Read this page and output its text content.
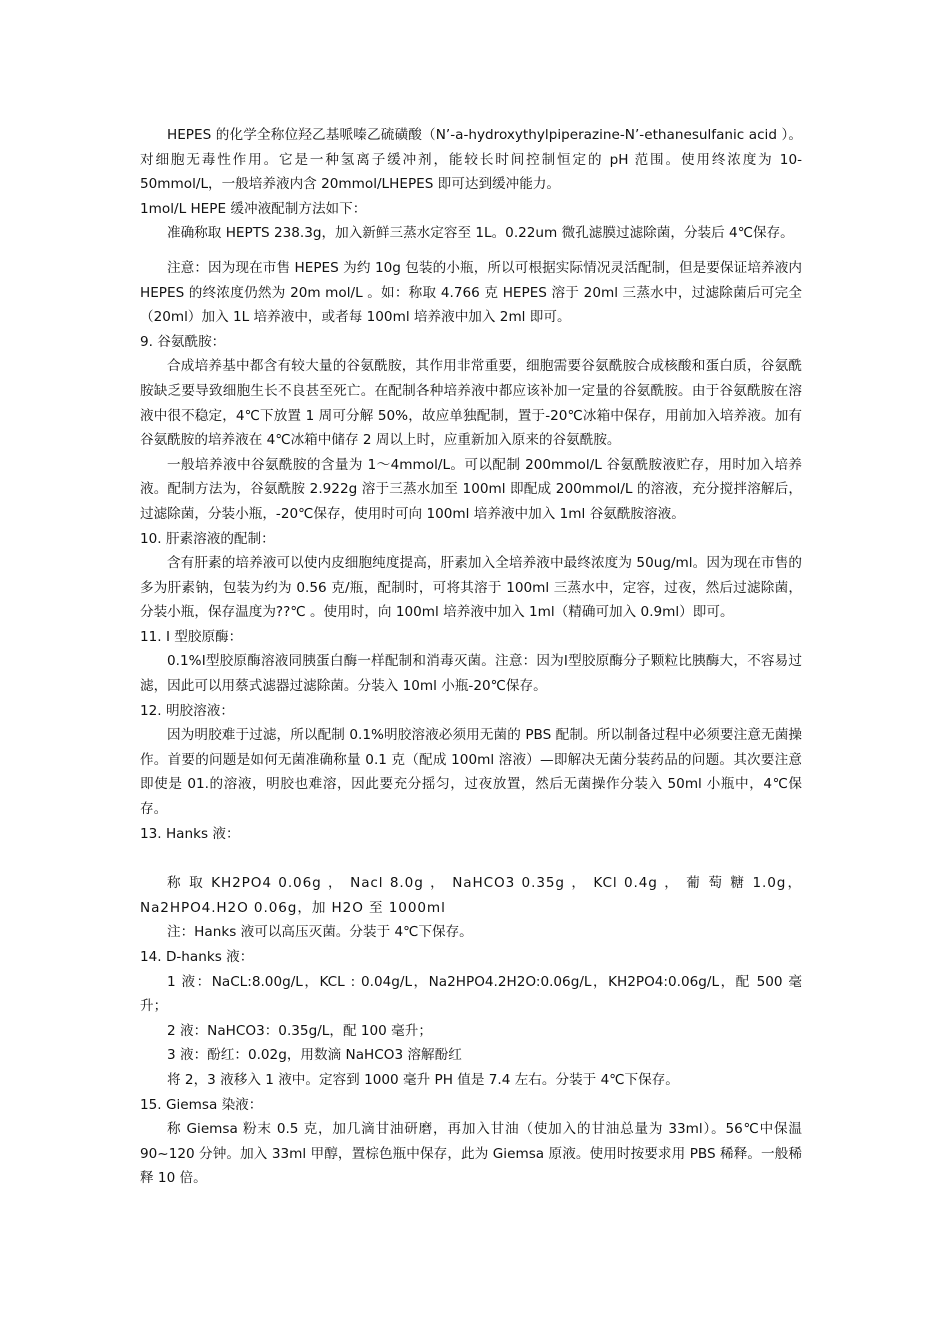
HEPES 的化学全称位羟乙基哌嗪乙硫磺酸（N’-a-hydroxythylpiperazine-N’-ethanesulfanic acid ）。对细胞无毒性作用。它是一种氢离子缓冲剂，能较长时间控制恒定的 pH 范围。使用终浓度为 10-50mmol/L，一般培养液内含 20mmol/LHEPES 即可达到缓冲能力。

1mol/L HEPE 缓冲液配制方法如下：

准确称取 HEPTS 238.3g，加入新鲜三蒸水定容至 1L。0.22um 微孔滤膜过滤除菌，分装后 4℃保存。

注意：因为现在市售 HEPES 为约 10g 包装的小瓶，所以可根据实际情况灵活配制，但是要保证培养液内 HEPES 的终浓度仍然为 20m mol/L 。如：称取 4.766 克 HEPES 溶于 20ml 三蒸水中，过滤除菌后可完全（20ml）加入 1L 培养液中，或者每 100ml 培养液中加入 2ml 即可。

9. 谷氨酰胺：

合成培养基中都含有较大量的谷氨酰胺，其作用非常重要，细胞需要谷氨酰胺合成核酸和蛋白质，谷氨酰胺缺乏要导致细胞生长不良甚至死亡。在配制各种培养液中都应该补加一定量的谷氨酰胺。由于谷氨酰胺在溶液中很不稳定，4℃下放置 1 周可分解 50%，故应单独配制，置于-20℃冰箱中保存，用前加入培养液。加有谷氨酰胺的培养液在 4℃冰箱中储存 2 周以上时，应重新加入原来的谷氨酰胺。

一般培养液中谷氨酰胺的含量为 1～4mmol/L。可以配制 200mmol/L 谷氨酰胺液贮存，用时加入培养液。配制方法为，谷氨酰胺 2.922g 溶于三蒸水加至 100ml 即配成 200mmol/L 的溶液，充分搅拌溶解后，过滤除菌，分装小瓶，-20℃保存，使用时可向 100ml 培养液中加入 1ml 谷氨酰胺溶液。

10. 肝素溶液的配制：

含有肝素的培养液可以使内皮细胞纯度提高，肝素加入全培养液中最终浓度为 50ug/ml。因为现在市售的多为肝素钠，包装为约为 0.56 克/瓶，配制时，可将其溶于 100ml 三蒸水中，定容，过夜，然后过滤除菌，分装小瓶，保存温度为??℃ 。使用时，向 100ml 培养液中加入 1ml（精确可加入 0.9ml）即可。

11. Ⅰ 型胶原酶：

0.1%Ⅰ型胶原酶溶液同胰蛋白酶一样配制和消毒灭菌。注意：因为Ⅰ型胶原酶分子颗粒比胰酶大，不容易过滤，因此可以用蔡式滤器过滤除菌。分装入 10ml 小瓶-20℃保存。

12. 明胶溶液：

因为明胶难于过滤，所以配制 0.1%明胶溶液必须用无菌的 PBS 配制。所以制备过程中必须要注意无菌操作。首要的问题是如何无菌准确称量 0.1 克（配成 100ml 溶液）—即解决无菌分装药品的问题。其次要注意即使是 01.的溶液，明胶也难溶，因此要充分摇匀，过夜放置，然后无菌操作分装入 50ml 小瓶中，4℃保存。

13. Hanks 液：

称 取 KH2PO4 0.06g ， Nacl 8.0g ， NaHCO3 0.35g ， KCl 0.4g ， 葡 萄 糖 1.0g，Na2HPO4.H2O 0.06g，加 H2O 至 1000ml

注：Hanks 液可以高压灭菌。分装于 4℃下保存。

14. D-hanks 液：

1 液：NaCL:8.00g/L，KCL : 0.04g/L，Na2HPO4.2H2O:0.06g/L，KH2PO4:0.06g/L，配 500 毫升；

2 液：NaHCO3：0.35g/L，配 100 毫升；

3 液：酚红：0.02g，用数滴 NaHCO3 溶解酚红

将 2，3 液移入 1 液中。定容到 1000 毫升 PH 值是 7.4 左右。分装于 4℃下保存。

15. Giemsa 染液：

称 Giemsa 粉末 0.5 克，加几滴甘油研磨，再加入甘油（使加入的甘油总量为 33ml）。56℃中保温 90~120 分钟。加入 33ml 甲醇，置棕色瓶中保存，此为 Giemsa 原液。使用时按要求用 PBS 稀释。一般稀释 10 倍。
